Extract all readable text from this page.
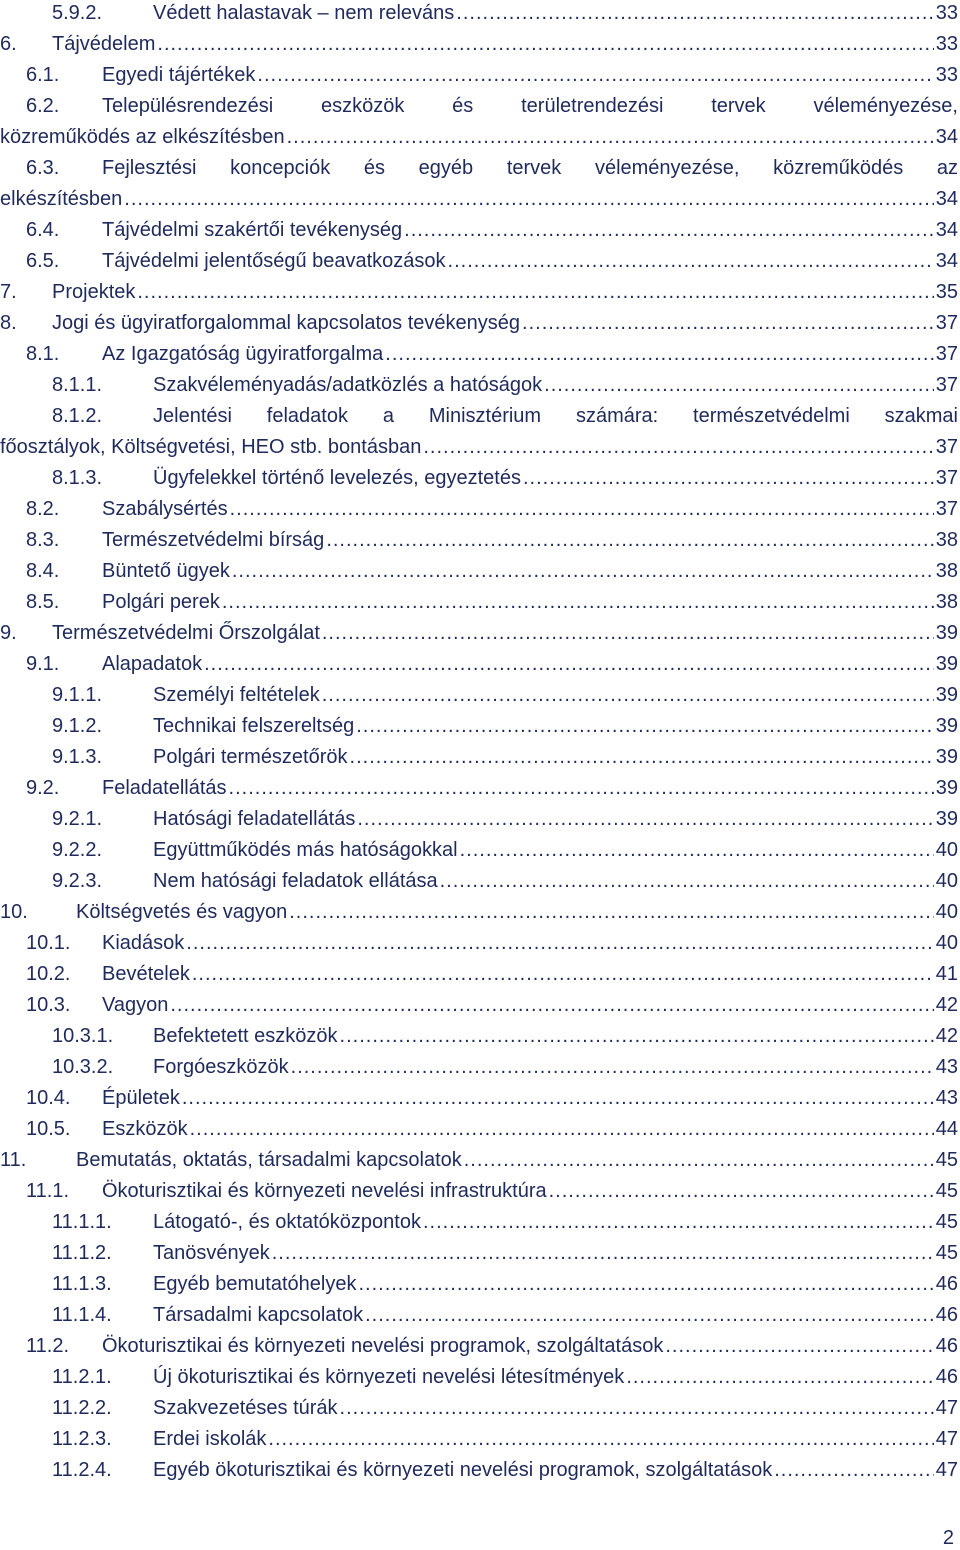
5.9.2.	Védett halastavak – nem releváns .....	33
6. Tájvédelem .....	33
6.1. Egyedi tájértékek .....	33
6.2. Településrendezési eszközök és területrendezési tervek véleményezése,
közreműködés az elkészítésben .....	34
6.3. Fejlesztési koncepciók és egyéb tervek véleményezése, közreműködés az
elkészítésben .....	34
6.4. Tájvédelmi szakértői tevékenység .....	34
6.5. Tájvédelmi jelentőségű beavatkozások .....	34
7. Projektek .....	35
8. Jogi és ügyiratforgalommal kapcsolatos tevékenység .....	37
8.1. Az Igazgatóság ügyiratforgalma .....	37
8.1.1.	Szakvéleményadás/adatközlés a hatóságok .....	37
8.1.2.	Jelentési feladatok a Minisztérium számára: természetvédelmi szakmai
főosztályok, Költségvetési, HEO stb. bontásban .....	37
8.1.3.	Ügyfelekkel történő levelezés, egyeztetés .....	37
8.2. Szabálysértés .....	37
8.3. Természetvédelmi bírság .....	38
8.4. Büntető ügyek .....	38
8.5. Polgári perek .....	38
9. Természetvédelmi Őrszolgálat .....	39
9.1. Alapadatok .....	39
9.1.1.	Személyi feltételek .....	39
9.1.2.	Technikai felszereltség .....	39
9.1.3.	Polgári természetőrök .....	39
9.2. Feladatellátás .....	39
9.2.1.	Hatósági feladatellátás .....	39
9.2.2.	Együttműködés más hatóságokkal .....	40
9.2.3.	Nem hatósági feladatok ellátása .....	40
10. Költségvetés és vagyon .....	40
10.1. Kiadások .....	40
10.2. Bevételek .....	41
10.3. Vagyon .....	42
10.3.1. Befektetett eszközök .....	42
10.3.2. Forgóeszközök .....	43
10.4. Épületek .....	43
10.5. Eszközök .....	44
11. Bemutatás, oktatás, társadalmi kapcsolatok .....	45
11.1. Ökoturisztikai és környezeti nevelési infrastruktúra .....	45
11.1.1. Látogató-, és oktatóközpontok .....	45
11.1.2. Tanösvények .....	45
11.1.3. Egyéb bemutatóhelyek .....	46
11.1.4. Társadalmi kapcsolatok .....	46
11.2. Ökoturisztikai és környezeti nevelési programok, szolgáltatások .....	46
11.2.1. Új ökoturisztikai és környezeti nevelési létesítmények .....	46
11.2.2. Szakvezetéses túrák .....	47
11.2.3. Erdei iskolák .....	47
11.2.4. Egyéb ökoturisztikai és környezeti nevelési programok, szolgáltatások .....	47
2
